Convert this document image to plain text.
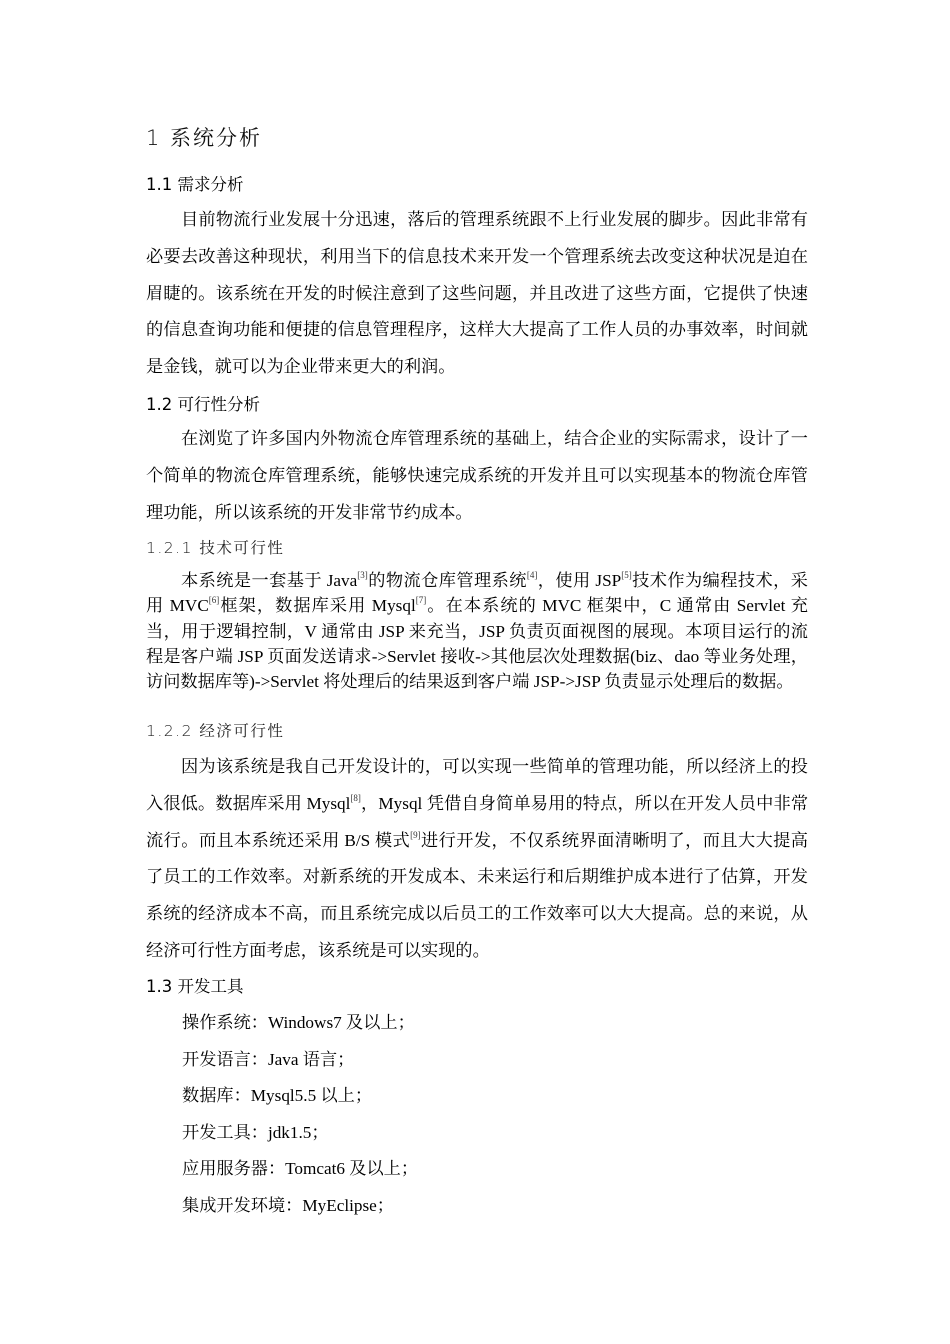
1 系统分析
1.1 需求分析

目前物流行业发展十分迅速，落后的管理系统跟不上行业发展的脚步。因此非常有必要去改善这种现状，利用当下的信息技术来开发一个管理系统去改变这种状况是迫在眉睫的。该系统在开发的时候注意到了这些问题，并且改进了这些方面，它提供了快速的信息查询功能和便捷的信息管理程序，这样大大提高了工作人员的办事效率，时间就是金钱，就可以为企业带来更大的利润。

1.2 可行性分析

在浏览了许多国内外物流仓库管理系统的基础上，结合企业的实际需求，设计了一个简单的物流仓库管理系统，能够快速完成系统的开发并且可以实现基本的物流仓库管理功能，所以该系统的开发非常节约成本。

1.2.1 技术可行性

本系统是一套基于 Java[3]的物流仓库管理系统[4]，使用 JSP[5]技术作为编程技术，采用 MVC[6]框架，数据库采用 Mysql[7]。在本系统的 MVC 框架中，C 通常由 Servlet 充当，用于逻辑控制，V 通常由 JSP 来充当，JSP 负责页面视图的展现。本项目运行的流程是客户端 JSP 页面发送请求->Servlet 接收->其他层次处理数据(biz、dao 等业务处理，访问数据库等)->Servlet 将处理后的结果返到客户端 JSP->JSP 负责显示处理后的数据。

1.2.2 经济可行性

因为该系统是我自己开发设计的，可以实现一些简单的管理功能，所以经济上的投入很低。数据库采用 Mysql[8]，Mysql 凭借自身简单易用的特点，所以在开发人员中非常流行。而且本系统还采用 B/S 模式[9]进行开发，不仅系统界面清晰明了，而且大大提高了员工的工作效率。对新系统的开发成本、未来运行和后期维护成本进行了估算，开发系统的经济成本不高，而且系统完成以后员工的工作效率可以大大提高。总的来说，从经济可行性方面考虑，该系统是可以实现的。

1.3 开发工具
操作系统：Windows7 及以上；
开发语言：Java 语言；
数据库：Mysql5.5 以上；
开发工具：jdk1.5；
应用服务器：Tomcat6 及以上；
集成开发环境：MyEclipse；
